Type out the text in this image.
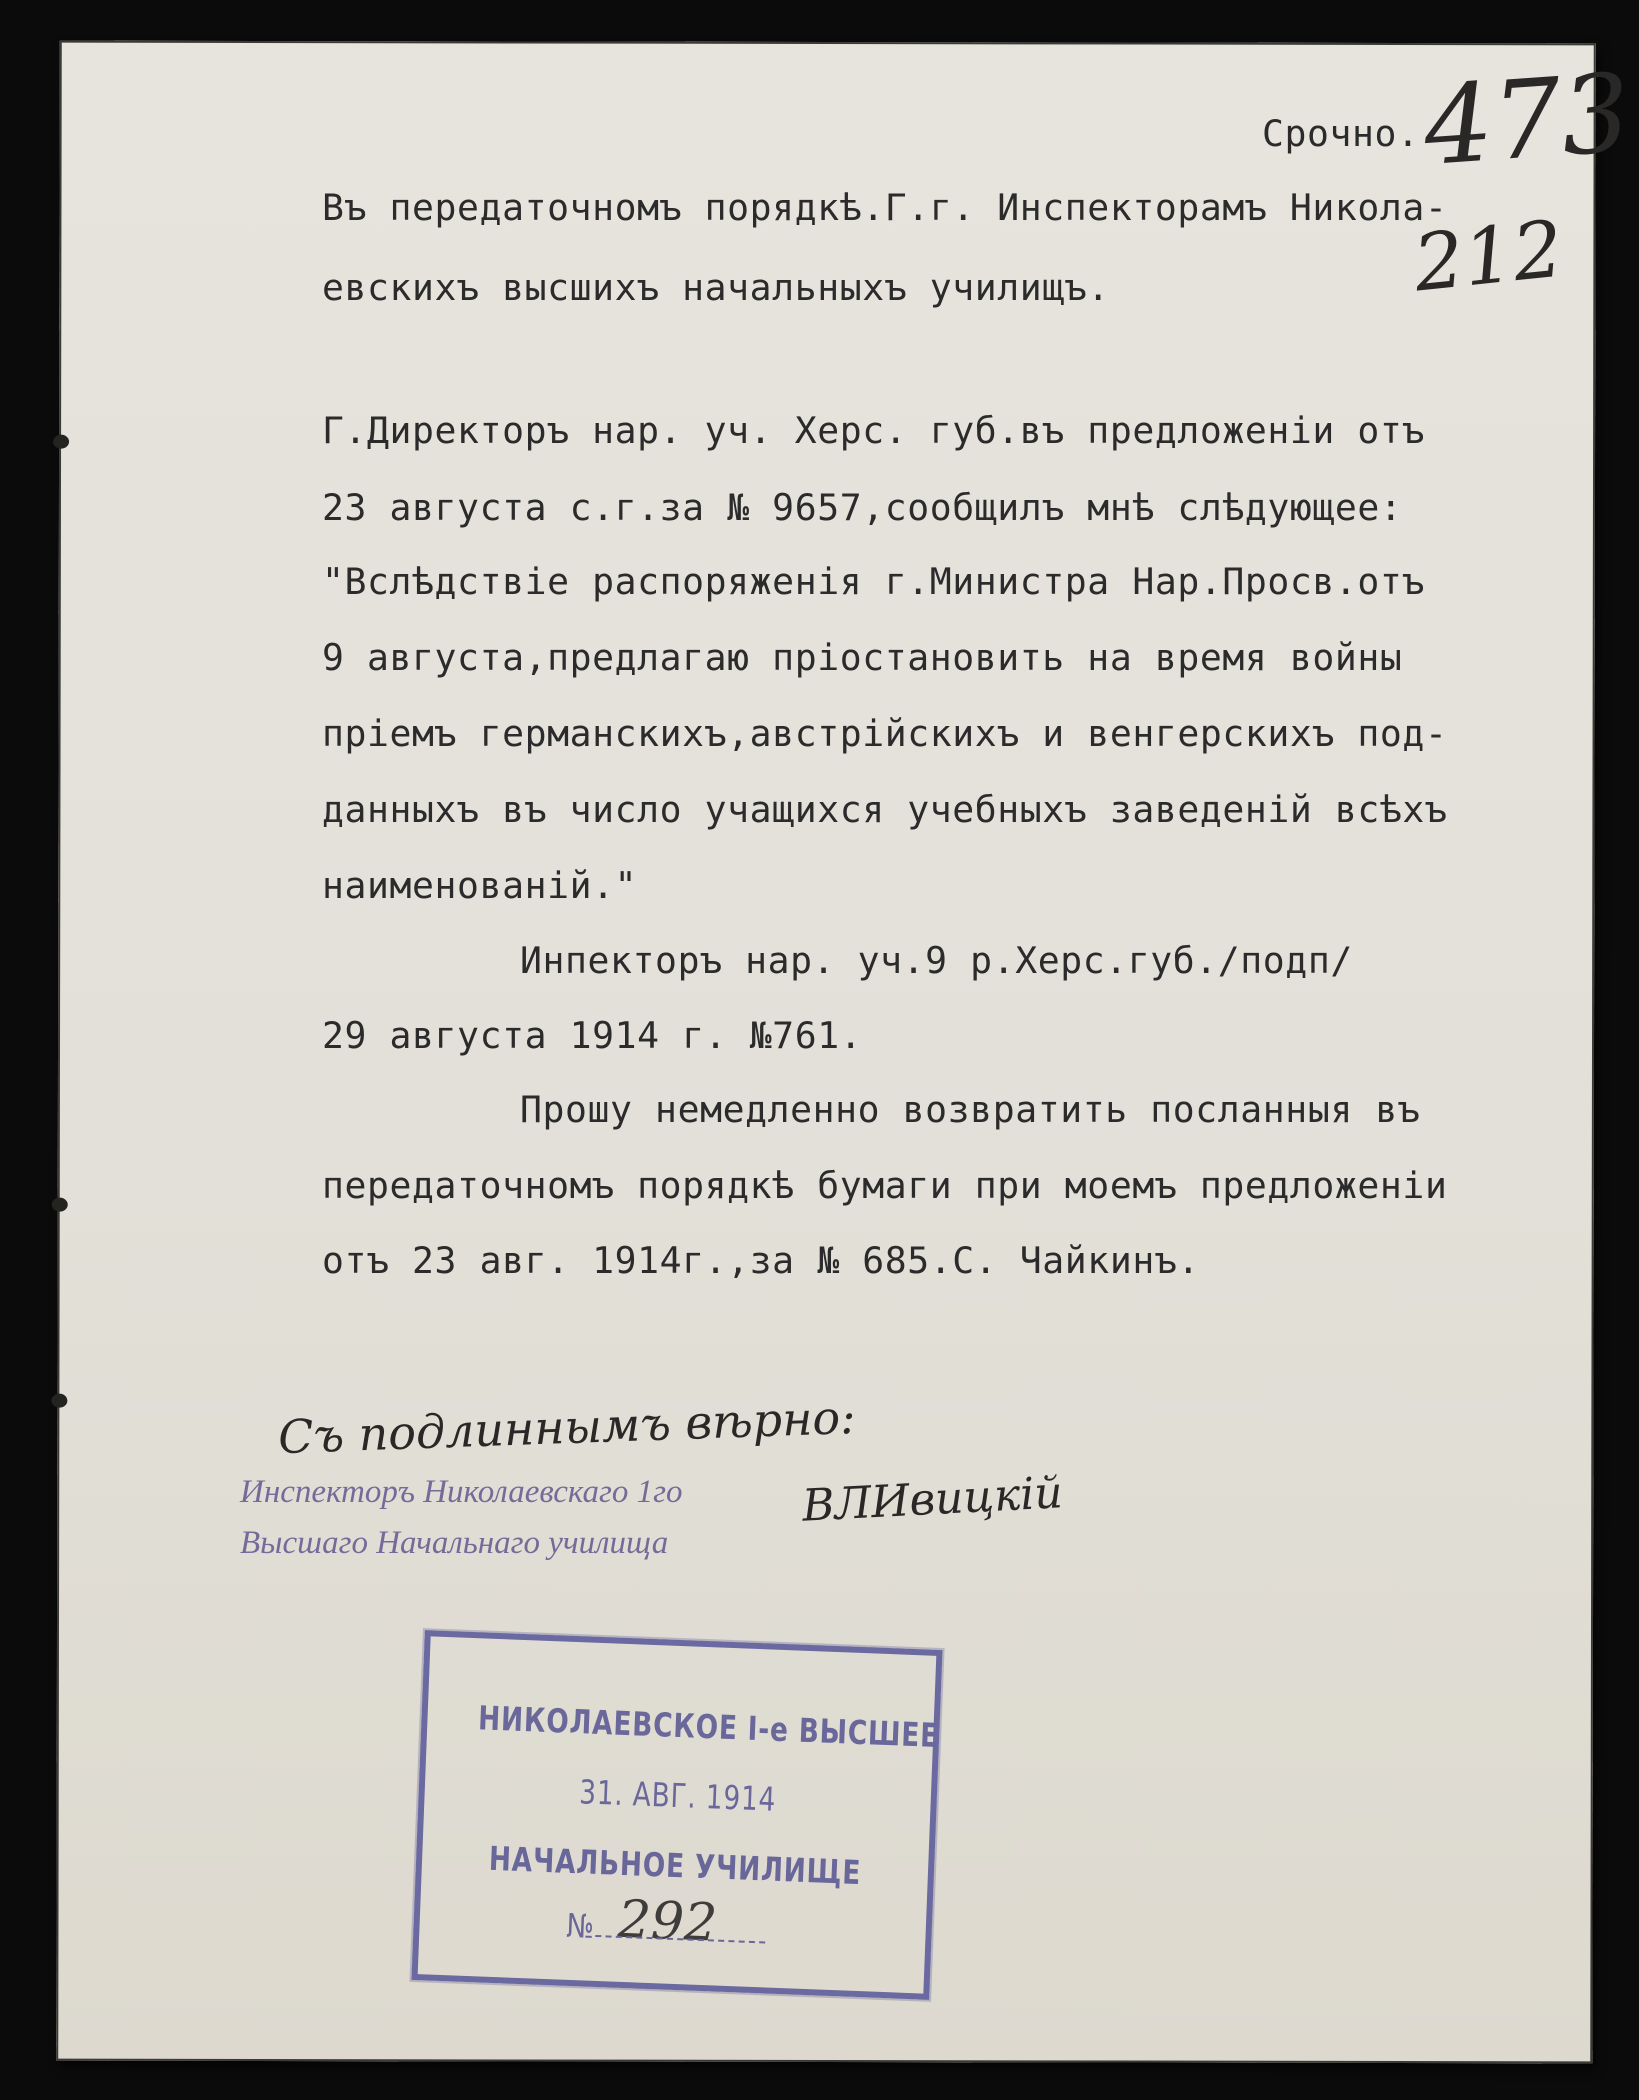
Срочно. 473
212
Въ передаточномъ порядкѣ.Г.г. Инспекторамъ Николa-
евскихъ высшихъ начальныхъ училищъ.
Г.Директоръ нар. уч. Херс. губ.въ предложеніи отъ
23 августа с.г.за № 9657,сообщилъ мнѣ слѣдующее:
"Вслѣдствіе распоряженія г.Министра Нар.Просв.отъ
9 августа,предлагаю пріостановить на время войны
пріемъ германскихъ,австрійскихъ и венгерскихъ под-
данныхъ въ число учащихся учебныхъ заведеній всѣхъ
наименованій."
Инпекторъ нар. уч.9 р.Херс.губ./подп/
29 августа 1914 г. №761.
Прошу немедленно возвратить посланныя въ
передаточномъ порядкѣ бумаги при моемъ предложеніи
отъ 23 авг. 1914г.,за № 685.С. Чайкинъ.
Съ подлиннымъ вѣрно:
Инспекторъ Николаевскаго 1го
Высшаго Начальнаго училища
ВЛИвицкій
НИКОЛАЕВСКОЕ І-е ВЫСШЕЕ
31. АВГ. 1914
НАЧАЛЬНОЕ УЧИЛИЩЕ
№ 292
